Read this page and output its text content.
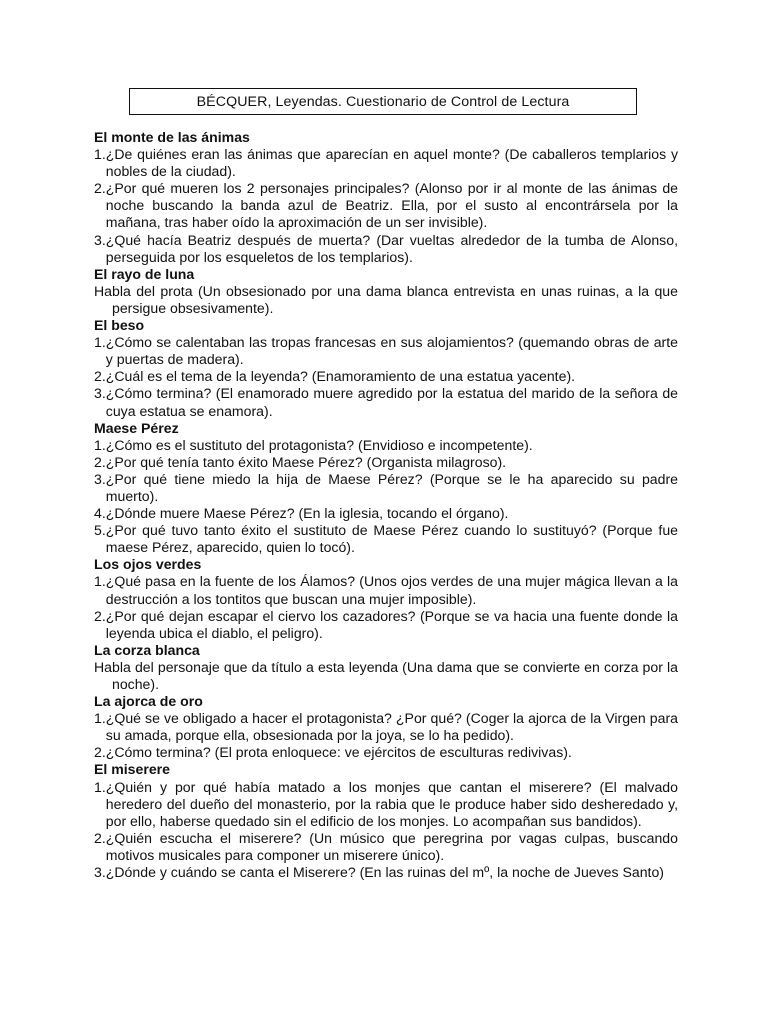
BÉCQUER, Leyendas. Cuestionario de Control de Lectura
El monte de las ánimas
1. ¿De quiénes eran las ánimas que aparecían en aquel monte? (De caballeros templarios y nobles de la ciudad).
2. ¿Por qué mueren los 2 personajes principales? (Alonso por ir al monte de las ánimas de noche buscando la banda azul de Beatriz. Ella, por el susto al encontrársela por la mañana, tras haber oído la aproximación de un ser invisible).
3. ¿Qué hacía Beatriz después de muerta? (Dar vueltas alrededor de la tumba de Alonso, perseguida por los esqueletos de los templarios).
El rayo de luna
Habla del prota (Un obsesionado por una dama blanca entrevista en unas ruinas, a la que persigue obsesivamente).
El beso
1. ¿Cómo se calentaban las tropas francesas en sus alojamientos? (quemando obras de arte y puertas de madera).
2. ¿Cuál es el tema de la leyenda? (Enamoramiento de una estatua yacente).
3. ¿Cómo termina? (El enamorado muere agredido por la estatua del marido de la señora de cuya estatua se enamora).
Maese Pérez
1. ¿Cómo es el sustituto del protagonista? (Envidioso e incompetente).
2. ¿Por qué tenía tanto éxito Maese Pérez? (Organista milagroso).
3. ¿Por qué tiene miedo la hija de Maese Pérez? (Porque se le ha aparecido su padre muerto).
4. ¿Dónde muere Maese Pérez? (En la iglesia, tocando el órgano).
5. ¿Por qué tuvo tanto éxito el sustituto de Maese Pérez cuando lo sustituyó? (Porque fue maese Pérez, aparecido, quien lo tocó).
Los ojos verdes
1. ¿Qué pasa en la fuente de los Álamos? (Unos ojos verdes de una mujer mágica llevan a la destrucción a los tontitos que buscan una mujer imposible).
2. ¿Por qué dejan escapar el ciervo los cazadores? (Porque se va hacia una fuente donde la leyenda ubica el diablo, el peligro).
La corza blanca
Habla del personaje que da título a esta leyenda (Una dama que se convierte en corza por la noche).
La ajorca de oro
1. ¿Qué se ve obligado a hacer el protagonista? ¿Por qué? (Coger la ajorca de la Virgen para su amada, porque ella, obsesionada por la joya, se lo ha pedido).
2. ¿Cómo termina? (El prota enloquece: ve ejércitos de esculturas redivivas).
El miserere
1. ¿Quién y por qué había matado a los monjes que cantan el miserere? (El malvado heredero del dueño del monasterio, por la rabia que le produce haber sido desheredado y, por ello, haberse quedado sin el edificio de los monjes. Lo acompañan sus bandidos).
2. ¿Quién escucha el miserere? (Un músico que peregrina por vagas culpas, buscando motivos musicales para componer un miserere único).
3. ¿Dónde y cuándo se canta el Miserere? (En las ruinas del mº, la noche de Jueves Santo)
